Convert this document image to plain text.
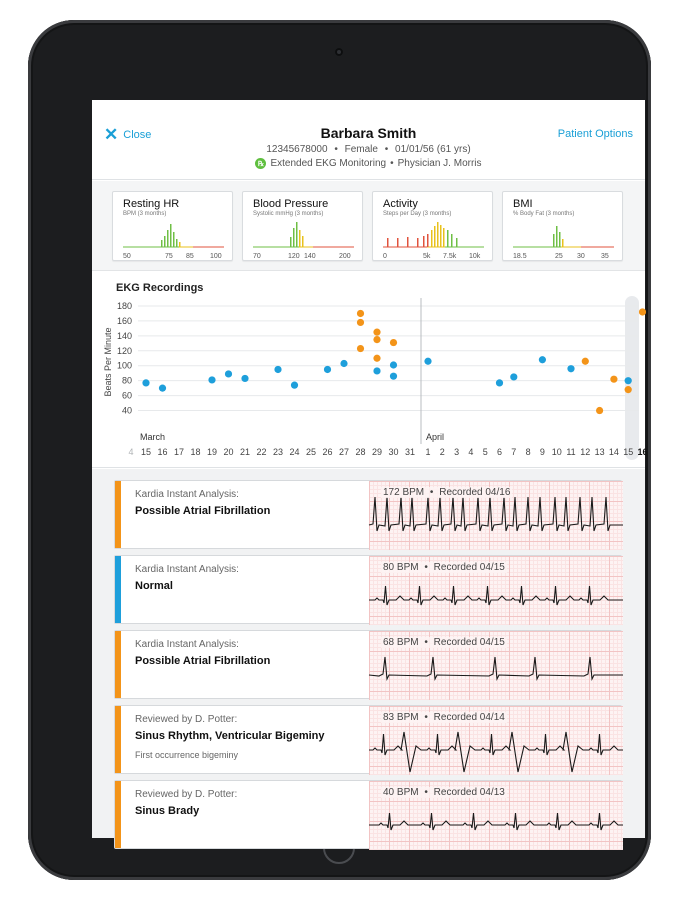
✕ Close	Barbara Smith
12345678000 • Female • 01/01/56 (61 yrs)
℞ Extended EKG Monitoring • Physician J. Morris
Patient Options
Resting HR
BPM (3 months)
50	75 85 100
Blood Pressure
Systolic mmHg (3 months)
70	120 140	200
Activity
Steps per Day (3 months)
0	5k 7.5k 10k
BMI
% Body Fat (3 months)
18.5	25 30 35
EKG Recordings
Beats Per Minute
40
60
80
100
120
140
160
180
March	April
4 15 16 17 18 19 20 21 22 23 24 25 26 27 28 29 30 31 1 2 3 4 5 6 7 8 9 10 11 12 13 14 15 16
Kardia Instant Analysis:
Possible Atrial Fibrillation
172 BPM • Recorded 04/16
Kardia Instant Analysis:
Normal
80 BPM • Recorded 04/15
Kardia Instant Analysis:
Possible Atrial Fibrillation
68 BPM • Recorded 04/15
Reviewed by D. Potter:
Sinus Rhythm, Ventricular Bigeminy
First occurrence bigeminy
83 BPM • Recorded 04/14
Reviewed by D. Potter:
Sinus Brady
40 BPM • Recorded 04/13
